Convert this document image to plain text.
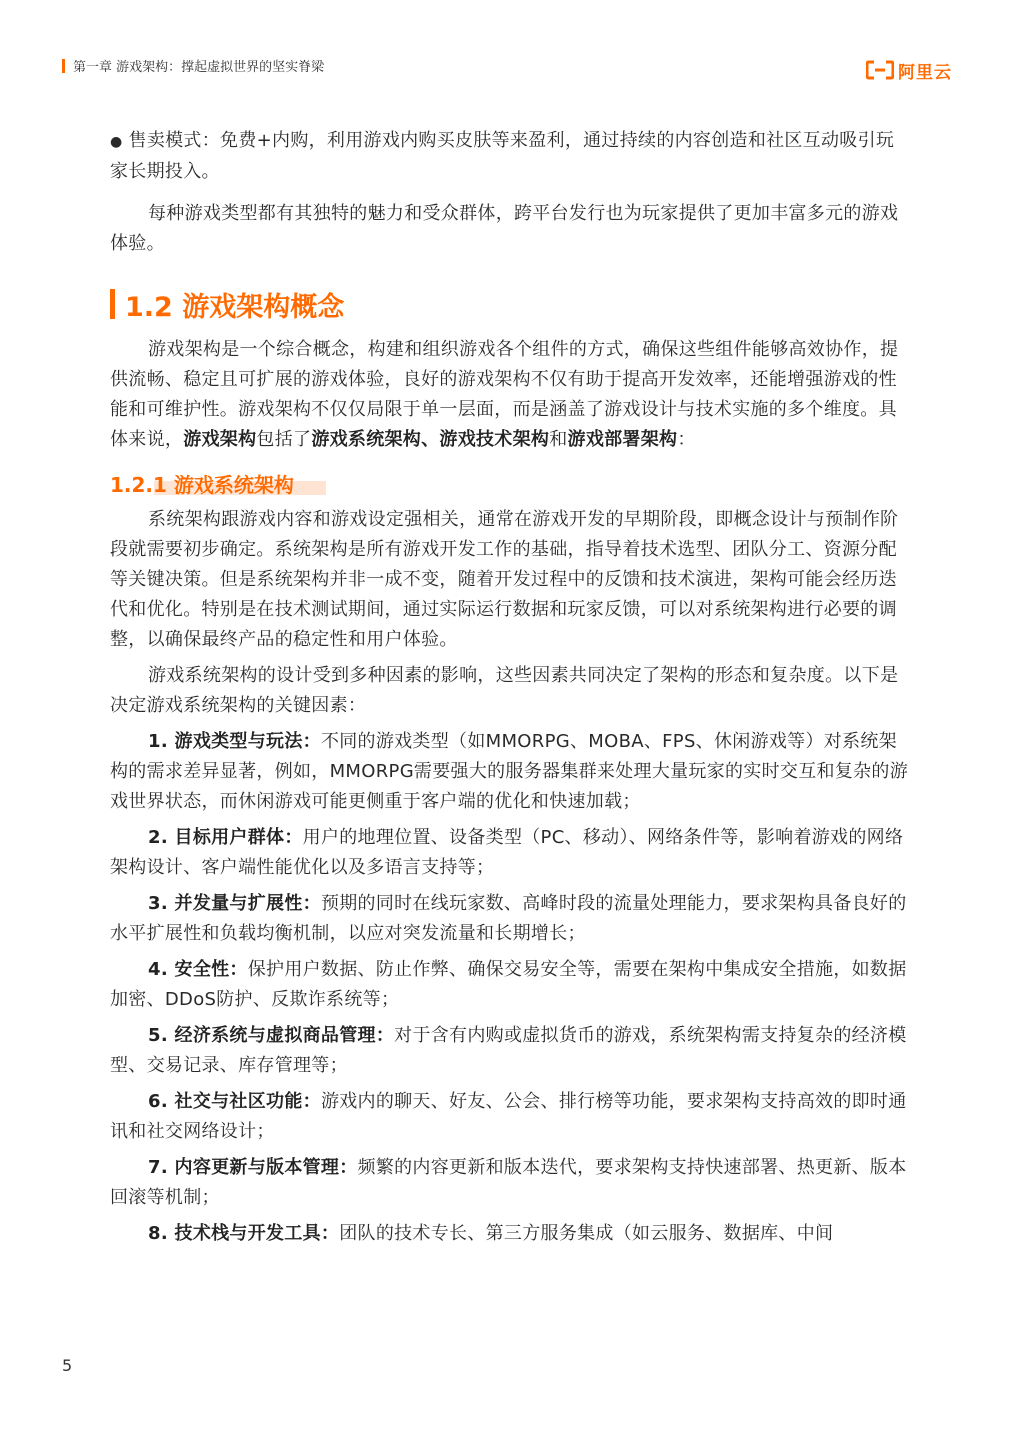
第一章 游戏架构：撑起虚拟世界的坚实脊梁	阿里云

● 售卖模式：免费+内购，利用游戏内购买皮肤等来盈利，通过持续的内容创造和社区互动吸引玩家长期投入。

每种游戏类型都有其独特的魅力和受众群体，跨平台发行也为玩家提供了更加丰富多元的游戏体验。

1.2 游戏架构概念

游戏架构是一个综合概念，构建和组织游戏各个组件的方式，确保这些组件能够高效协作，提供流畅、稳定且可扩展的游戏体验，良好的游戏架构不仅有助于提高开发效率，还能增强游戏的性能和可维护性。游戏架构不仅仅局限于单一层面，而是涵盖了游戏设计与技术实施的多个维度。具体来说，游戏架构包括了游戏系统架构、游戏技术架构和游戏部署架构：

1.2.1 游戏系统架构

系统架构跟游戏内容和游戏设定强相关，通常在游戏开发的早期阶段，即概念设计与预制作阶段就需要初步确定。系统架构是所有游戏开发工作的基础，指导着技术选型、团队分工、资源分配等关键决策。但是系统架构并非一成不变，随着开发过程中的反馈和技术演进，架构可能会经历迭代和优化。特别是在技术测试期间，通过实际运行数据和玩家反馈，可以对系统架构进行必要的调整，以确保最终产品的稳定性和用户体验。

游戏系统架构的设计受到多种因素的影响，这些因素共同决定了架构的形态和复杂度。以下是决定游戏系统架构的关键因素：

1. 游戏类型与玩法：不同的游戏类型（如MMORPG、MOBA、FPS、休闲游戏等）对系统架构的需求差异显著，例如，MMORPG需要强大的服务器集群来处理大量玩家的实时交互和复杂的游戏世界状态，而休闲游戏可能更侧重于客户端的优化和快速加载；

2. 目标用户群体：用户的地理位置、设备类型（PC、移动）、网络条件等，影响着游戏的网络架构设计、客户端性能优化以及多语言支持等；

3. 并发量与扩展性：预期的同时在线玩家数、高峰时段的流量处理能力，要求架构具备良好的水平扩展性和负载均衡机制，以应对突发流量和长期增长；

4. 安全性：保护用户数据、防止作弊、确保交易安全等，需要在架构中集成安全措施，如数据加密、DDoS防护、反欺诈系统等；

5. 经济系统与虚拟商品管理：对于含有内购或虚拟货币的游戏，系统架构需支持复杂的经济模型、交易记录、库存管理等；

6. 社交与社区功能：游戏内的聊天、好友、公会、排行榜等功能，要求架构支持高效的即时通讯和社交网络设计；

7. 内容更新与版本管理：频繁的内容更新和版本迭代，要求架构支持快速部署、热更新、版本回滚等机制；

8. 技术栈与开发工具：团队的技术专长、第三方服务集成（如云服务、数据库、中间

5
